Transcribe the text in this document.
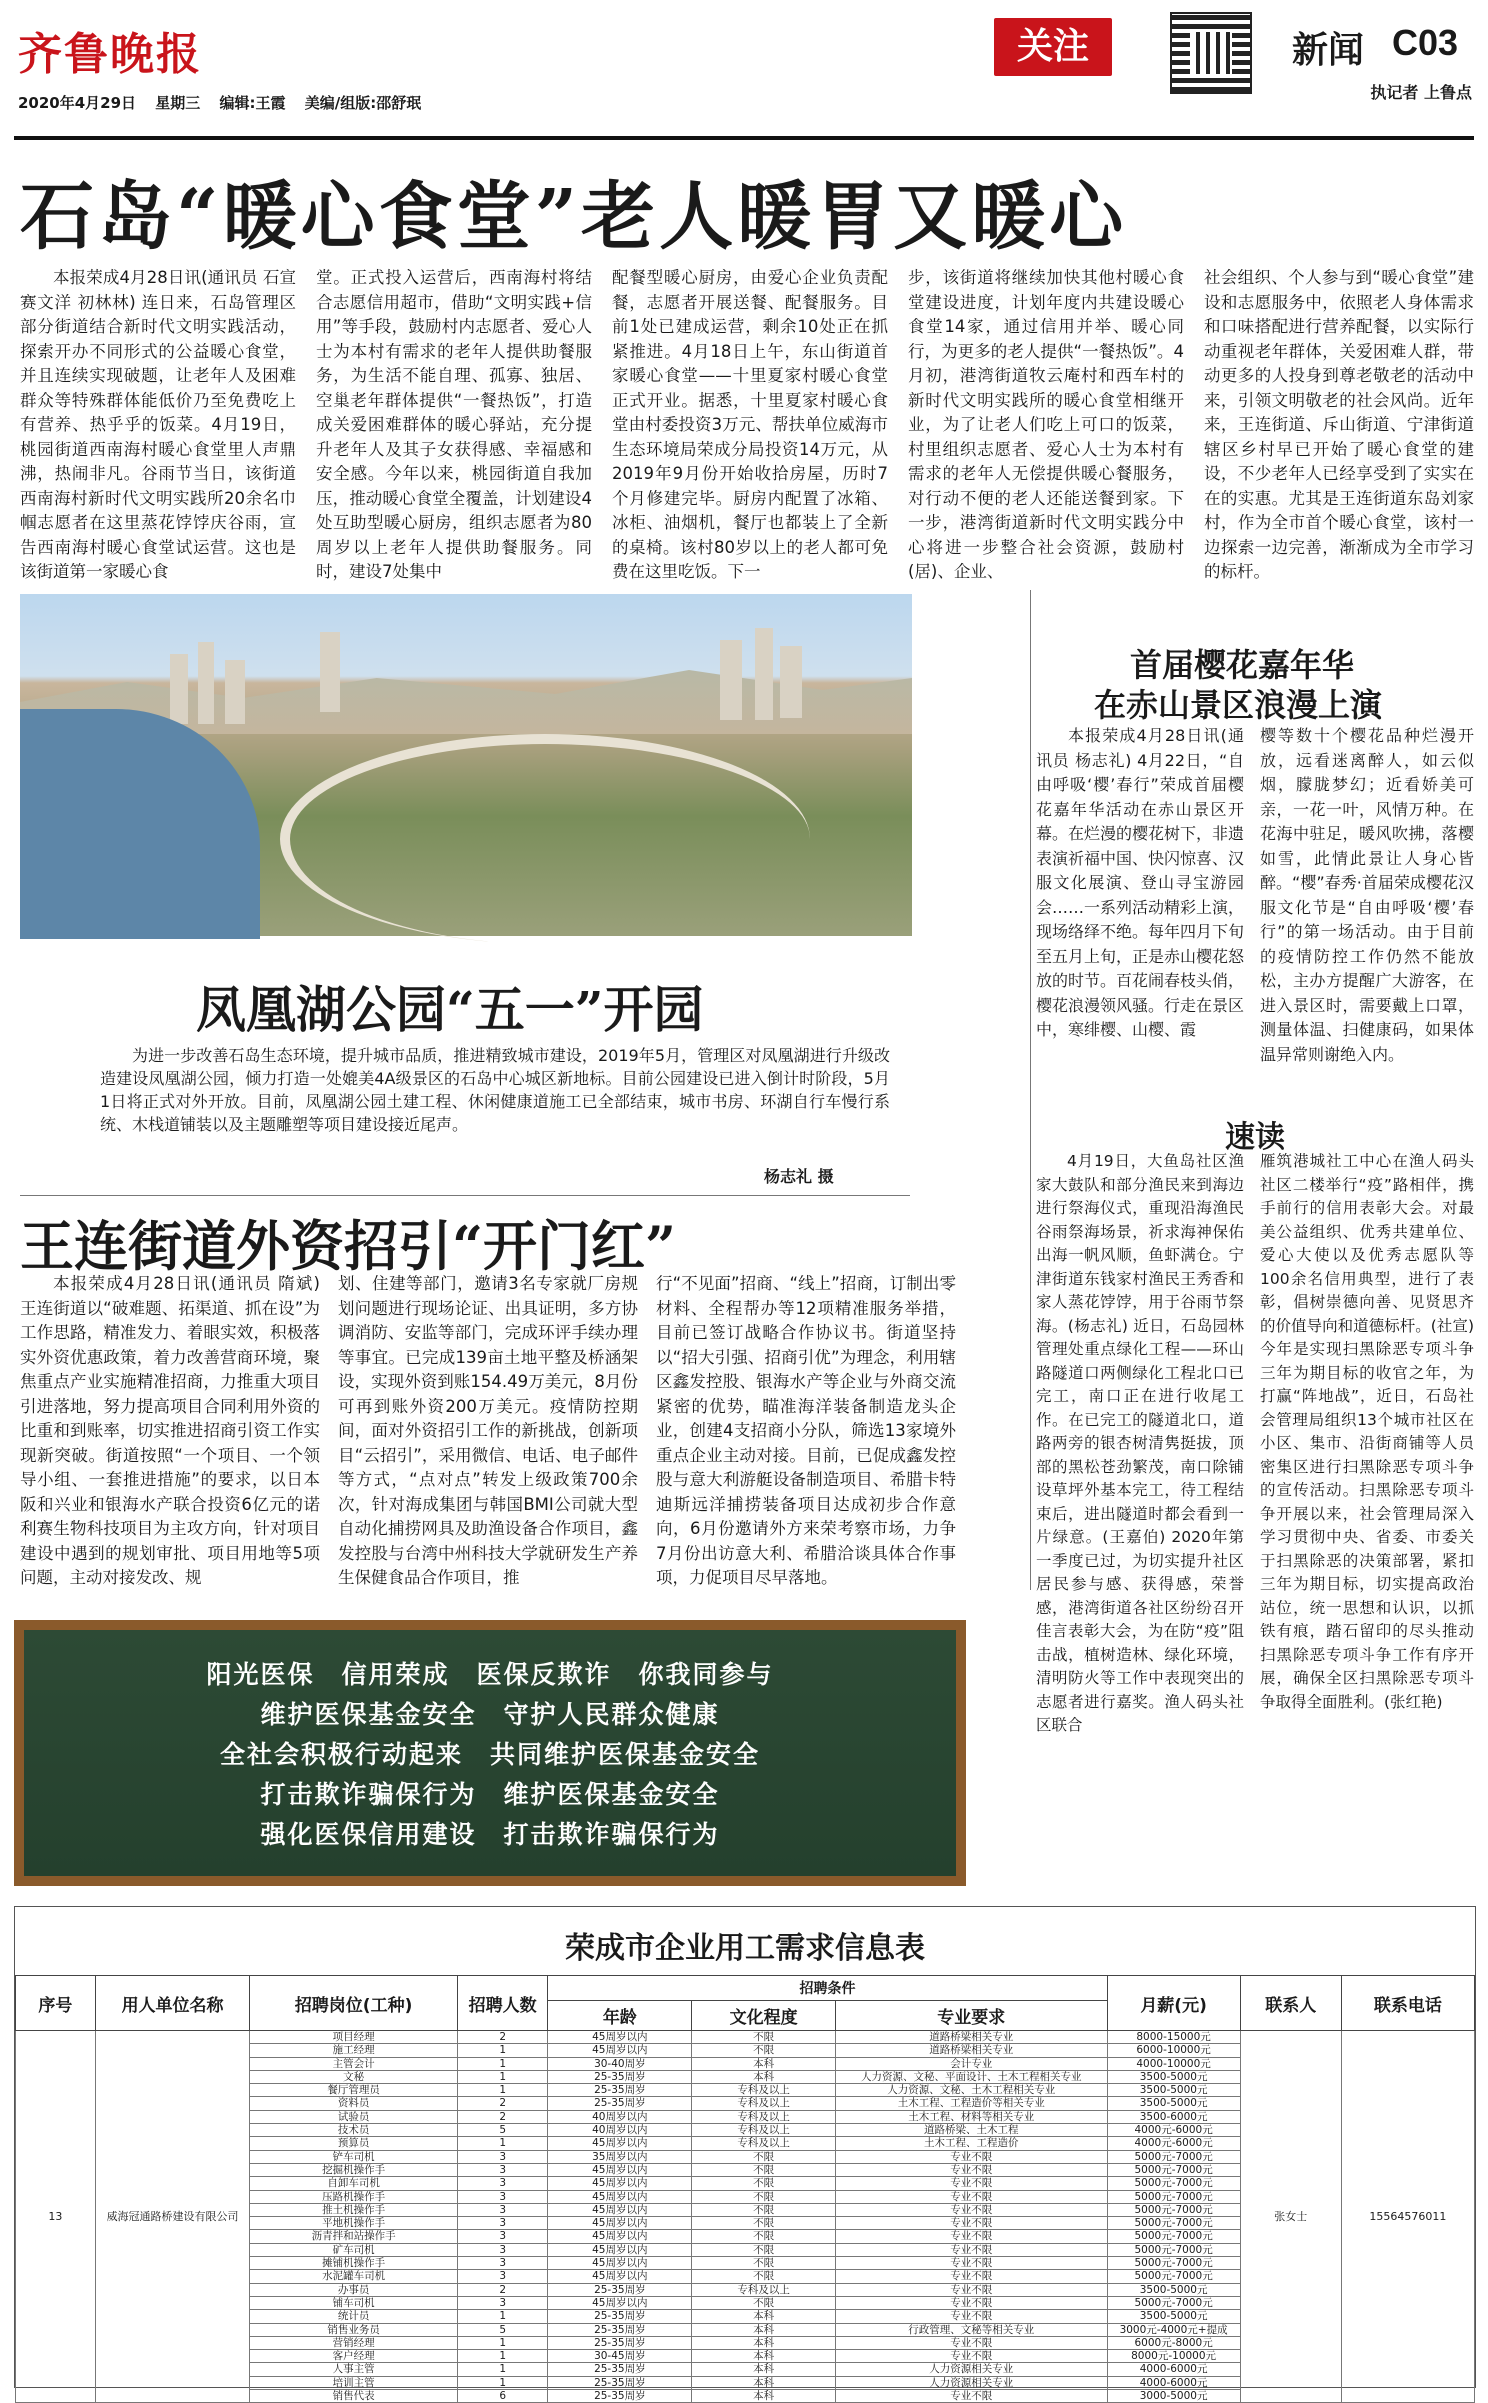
齐鲁晚报
2020年4月29日 星期三 编辑:王霞 美编/组版:邵舒珉
关注	新闻 C03
执记者 上鲁点
石岛“暖心食堂”老人暖胃又暖心

本报荣成4月28日讯(通讯员 石宣 赛文洋 初林林) 连日来，石岛管理区部分街道结合新时代文明实践活动，探索开办不同形式的公益暖心食堂，并且连续实现破题，让老年人及困难群众等特殊群体能低价乃至免费吃上有营养、热乎乎的饭菜。4月19日，桃园街道西南海村暖心食堂里人声鼎沸，热闹非凡。谷雨节当日，该街道西南海村新时代文明实践所20余名巾帼志愿者在这里蒸花饽饽庆谷雨，宣告西南海村暖心食堂试运营。这也是该街道第一家暖心食

堂。正式投入运营后，西南海村将结合志愿信用超市，借助“文明实践+信用”等手段，鼓励村内志愿者、爱心人士为本村有需求的老年人提供助餐服务，为生活不能自理、孤寡、独居、空巢老年群体提供“一餐热饭”，打造成关爱困难群体的暖心驿站，充分提升老年人及其子女获得感、幸福感和安全感。今年以来，桃园街道自我加压，推动暖心食堂全覆盖，计划建设4处互助型暖心厨房，组织志愿者为80周岁以上老年人提供助餐服务。同时，建设7处集中

配餐型暖心厨房，由爱心企业负责配餐，志愿者开展送餐、配餐服务。目前1处已建成运营，剩余10处正在抓紧推进。4月18日上午，东山街道首家暖心食堂——十里夏家村暖心食堂正式开业。据悉，十里夏家村暖心食堂由村委投资3万元、帮扶单位威海市生态环境局荣成分局投资14万元，从2019年9月份开始收拾房屋，历时7个月修建完毕。厨房内配置了冰箱、冰柜、油烟机，餐厅也都装上了全新的桌椅。该村80岁以上的老人都可免费在这里吃饭。下一

步，该街道将继续加快其他村暖心食堂建设进度，计划年度内共建设暖心食堂14家，通过信用并举、暖心同行，为更多的老人提供“一餐热饭”。4月初，港湾街道牧云庵村和西车村的新时代文明实践所的暖心食堂相继开业，为了让老人们吃上可口的饭菜，村里组织志愿者、爱心人士为本村有需求的老年人无偿提供暖心餐服务，对行动不便的老人还能送餐到家。下一步，港湾街道新时代文明实践分中心将进一步整合社会资源，鼓励村(居)、企业、

社会组织、个人参与到“暖心食堂”建设和志愿服务中，依照老人身体需求和口味搭配进行营养配餐，以实际行动重视老年群体，关爱困难人群，带动更多的人投身到尊老敬老的活动中来，引领文明敬老的社会风尚。近年来，王连街道、斥山街道、宁津街道辖区乡村早已开始了暖心食堂的建设，不少老年人已经享受到了实实在在的实惠。尤其是王连街道东岛刘家村，作为全市首个暖心食堂，该村一边探索一边完善，渐渐成为全市学习的标杆。

凤凰湖公园“五一”开园

为进一步改善石岛生态环境，提升城市品质，推进精致城市建设，2019年5月，管理区对凤凰湖进行升级改造建设凤凰湖公园，倾力打造一处媲美4A级景区的石岛中心城区新地标。目前公园建设已进入倒计时阶段，5月1日将正式对外开放。目前，凤凰湖公园土建工程、休闲健康道施工已全部结束，城市书房、环湖自行车慢行系统、木栈道铺装以及主题雕塑等项目建设接近尾声。

杨志礼 摄
王连街道外资招引“开门红”

本报荣成4月28日讯(通讯员 隋斌) 王连街道以“破难题、拓渠道、抓在设”为工作思路，精准发力、着眼实效，积极落实外资优惠政策，着力改善营商环境，聚焦重点产业实施精准招商，力推重大项目引进落地，努力提高项目合同利用外资的比重和到账率，切实推进招商引资工作实现新突破。街道按照“一个项目、一个领导小组、一套推进措施”的要求，以日本阪和兴业和银海水产联合投资6亿元的诺利赛生物科技项目为主攻方向，针对项目建设中遇到的规划审批、项目用地等5项问题，主动对接发改、规

划、住建等部门，邀请3名专家就厂房规划问题进行现场论证、出具证明，多方协调消防、安监等部门，完成环评手续办理等事宜。已完成139亩土地平整及桥涵架设，实现外资到账154.49万美元，8月份可再到账外资200万美元。疫情防控期间，面对外资招引工作的新挑战，创新项目“云招引”，采用微信、电话、电子邮件等方式，“点对点”转发上级政策700余次，针对海成集团与韩国BMI公司就大型自动化捕捞网具及助渔设备合作项目，鑫发控股与台湾中州科技大学就研发生产养生保健食品合作项目，推

行“不见面”招商、“线上”招商，订制出零材料、全程帮办等12项精准服务举措，目前已签订战略合作协议书。街道坚持以“招大引强、招商引优”为理念，利用辖区鑫发控股、银海水产等企业与外商交流紧密的优势，瞄准海洋装备制造龙头企业，创建4支招商小分队，筛选13家境外重点企业主动对接。目前，已促成鑫发控股与意大利游艇设备制造项目、希腊卡特迪斯远洋捕捞装备项目达成初步合作意向，6月份邀请外方来荣考察市场，力争7月份出访意大利、希腊洽谈具体合作事项，力促项目尽早落地。

首届樱花嘉年华
在赤山景区浪漫上演

本报荣成4月28日讯(通讯员 杨志礼) 4月22日，“自由呼吸‘樱’春行”荣成首届樱花嘉年华活动在赤山景区开幕。在烂漫的樱花树下，非遗表演祈福中国、快闪惊喜、汉服文化展演、登山寻宝游园会……一系列活动精彩上演，现场络绎不绝。每年四月下旬至五月上旬，正是赤山樱花怒放的时节。百花闹春枝头俏，樱花浪漫领风骚。行走在景区中，寒绯樱、山樱、霞

樱等数十个樱花品种烂漫开放，远看迷离醉人，如云似烟，朦胧梦幻；近看娇美可亲，一花一叶，风情万种。在花海中驻足，暖风吹拂，落樱如雪，此情此景让人身心皆醉。“樱”春秀·首届荣成樱花汉服文化节是“自由呼吸‘樱’春行”的第一场活动。由于目前的疫情防控工作仍然不能放松，主办方提醒广大游客，在进入景区时，需要戴上口罩，测量体温、扫健康码，如果体温异常则谢绝入内。

速读

4月19日，大鱼岛社区渔家大鼓队和部分渔民来到海边进行祭海仪式，重现沿海渔民谷雨祭海场景，祈求海神保佑出海一帆风顺，鱼虾满仓。宁津街道东钱家村渔民王秀香和家人蒸花饽饽，用于谷雨节祭海。(杨志礼) 近日，石岛园林管理处重点绿化工程——环山路隧道口两侧绿化工程北口已完工，南口正在进行收尾工作。在已完工的隧道北口，道路两旁的银杏树清隽挺拔，顶部的黑松苍劲繁茂，南口除铺设草坪外基本完工，待工程结束后，进出隧道时都会看到一片绿意。(王嘉伯) 2020年第一季度已过，为切实提升社区居民参与感、获得感，荣誉感，港湾街道各社区纷纷召开佳言表彰大会，为在防“疫”阻击战，植树造林、绿化环境，清明防火等工作中表现突出的志愿者进行嘉奖。渔人码头社区联合

雁筑港城社工中心在渔人码头社区二楼举行“疫”路相伴，携手前行的信用表彰大会。对最美公益组织、优秀共建单位、爱心大使以及优秀志愿队等100余名信用典型，进行了表彰，倡树崇德向善、见贤思齐的价值导向和道德标杆。(社宣) 今年是实现扫黑除恶专项斗争三年为期目标的收官之年，为打赢“阵地战”，近日，石岛社会管理局组织13个城市社区在小区、集市、沿街商铺等人员密集区进行扫黑除恶专项斗争的宣传活动。扫黑除恶专项斗争开展以来，社会管理局深入学习贯彻中央、省委、市委关于扫黑除恶的决策部署，紧扣三年为期目标，切实提高政治站位，统一思想和认识，以抓铁有痕，踏石留印的尽头推动扫黑除恶专项斗争工作有序开展，确保全区扫黑除恶专项斗争取得全面胜利。(张红艳)

阳光医保　信用荣成　医保反欺诈　你我同参与
维护医保基金安全　守护人民群众健康
全社会积极行动起来　共同维护医保基金安全
打击欺诈骗保行为　维护医保基金安全
强化医保信用建设　打击欺诈骗保行为
荣成市企业用工需求信息表
序号	用人单位名称	招聘岗位(工种)	招聘人数	招聘条件			月薪(元)	联系人	联系电话
				年龄	文化程度	专业要求			
13	威海冠通路桥建设有限公司	项目经理	2	45周岁以内	不限	道路桥梁相关专业	8000-15000元	张女士	15564576011
		施工经理	1	45周岁以内	不限	道路桥梁相关专业	6000-10000元		
		主管会计	1	30-40周岁	本科	会计专业	4000-10000元		
		文秘	1	25-35周岁	本科	人力资源、文秘、平面设计、土木工程相关专业	3500-5000元		
		餐厅管理员	1	25-35周岁	专科及以上	人力资源、文秘、土木工程相关专业	3500-5000元		
		资料员	2	25-35周岁	专科及以上	土木工程、工程造价等相关专业	3500-5000元		
		试验员	2	40周岁以内	专科及以上	土木工程、材料等相关专业	3500-6000元		
		技术员	5	40周岁以内	专科及以上	道路桥梁、土木工程	4000元-6000元		
		预算员	1	45周岁以内	专科及以上	土木工程、工程造价	4000元-6000元		
		铲车司机	3	35周岁以内	不限	专业不限	5000元-7000元		
		挖掘机操作手	3	45周岁以内	不限	专业不限	5000元-7000元		
		自卸车司机	3	45周岁以内	不限	专业不限	5000元-7000元		
		压路机操作手	3	45周岁以内	不限	专业不限	5000元-7000元		
		推土机操作手	3	45周岁以内	不限	专业不限	5000元-7000元		
		平地机操作手	3	45周岁以内	不限	专业不限	5000元-7000元		
		沥青拌和站操作手	3	45周岁以内	不限	专业不限	5000元-7000元		
		矿车司机	3	45周岁以内	不限	专业不限	5000元-7000元		
		摊铺机操作手	3	45周岁以内	不限	专业不限	5000元-7000元		
		水泥罐车司机	3	45周岁以内	不限	专业不限	5000元-7000元		
		办事员	2	25-35周岁	专科及以上	专业不限	3500-5000元		
		铺车司机	3	45周岁以内	不限	专业不限	5000元-7000元		
		统计员	1	25-35周岁	本科	专业不限	3500-5000元		
		销售业务员	5	25-35周岁	本科	行政管理、文秘等相关专业	3000元-4000元+提成		
		营销经理	1	25-35周岁	本科	专业不限	6000元-8000元		
		客户经理	1	30-45周岁	本科	专业不限	8000元-10000元		
		人事主管	1	25-35周岁	本科	人力资源相关专业	4000-6000元		
		培训主管	1	25-35周岁	本科	人力资源相关专业	4000-6000元		
		销售代表	6	25-35周岁	本科	专业不限	3000-5000元		
